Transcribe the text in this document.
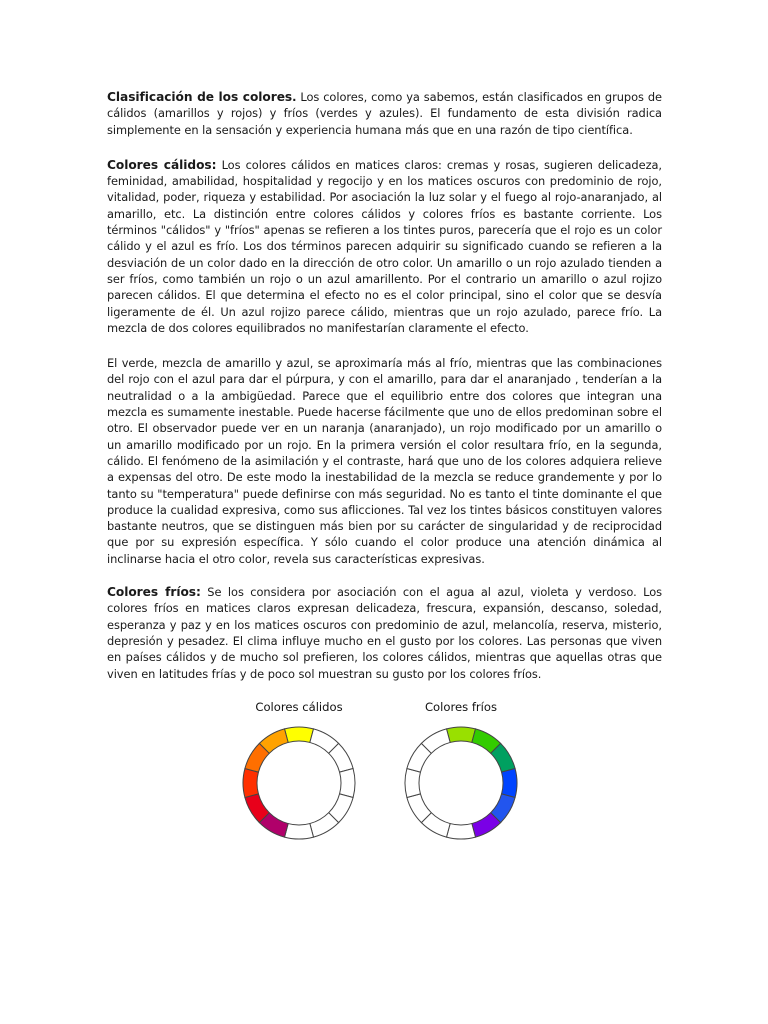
Clasificación de los colores. Los colores, como ya sabemos, están clasificados en grupos de cálidos (amarillos y rojos) y fríos (verdes y azules). El fundamento de esta división radica simplemente en la sensación y experiencia humana más que en una razón de tipo científica.

Colores cálidos: Los colores cálidos en matices claros: cremas y rosas, sugieren delicadeza, feminidad, amabilidad, hospitalidad y regocijo y en los matices oscuros con predominio de rojo, vitalidad, poder, riqueza y estabilidad. Por asociación la luz solar y el fuego al rojo-anaranjado, al amarillo, etc. La distinción entre colores cálidos y colores fríos es bastante corriente. Los términos "cálidos" y "fríos" apenas se refieren a los tintes puros, parecería que el rojo es un color cálido y el azul es frío. Los dos términos parecen adquirir su significado cuando se refieren a la desviación de un color dado en la dirección de otro color. Un amarillo o un rojo azulado tienden a ser fríos, como también un rojo o un azul amarillento. Por el contrario un amarillo o azul rojizo parecen cálidos. El que determina el efecto no es el color principal, sino el color que se desvía ligeramente de él. Un azul rojizo parece cálido, mientras que un rojo azulado, parece frío. La mezcla de dos colores equilibrados no manifestarían claramente el efecto.

El verde, mezcla de amarillo y azul, se aproximaría más al frío, mientras que las combinaciones del rojo con el azul para dar el púrpura, y con el amarillo, para dar el anaranjado , tenderían a la neutralidad o a la ambigüedad. Parece que el equilibrio entre dos colores que integran una mezcla es sumamente inestable. Puede hacerse fácilmente que uno de ellos predominan sobre el otro. El observador puede ver en un naranja (anaranjado), un rojo modificado por un amarillo o un amarillo modificado por un rojo. En la primera versión el color resultara frío, en la segunda, cálido. El fenómeno de la asimilación y el contraste, hará que uno de los colores adquiera relieve a expensas del otro. De este modo la inestabilidad de la mezcla se reduce grandemente y por lo tanto su "temperatura" puede definirse con más seguridad. No es tanto el tinte dominante el que produce la cualidad expresiva, como sus aflicciones. Tal vez los tintes básicos constituyen valores bastante neutros, que se distinguen más bien por su carácter de singularidad y de reciprocidad que por su expresión específica. Y sólo cuando el color produce una atención dinámica al inclinarse hacia el otro color, revela sus características expresivas.

Colores fríos: Se los considera por asociación con el agua al azul, violeta y verdoso. Los colores fríos en matices claros expresan delicadeza, frescura, expansión, descanso, soledad, esperanza y paz y en los matices oscuros con predominio de azul, melancolía, reserva, misterio, depresión y pesadez. El clima influye mucho en el gusto por los colores. Las personas que viven en países cálidos y de mucho sol prefieren, los colores cálidos, mientras que aquellas otras que viven en latitudes frías y de poco sol muestran su gusto por los colores fríos.

Colores cálidos	Colores fríos
